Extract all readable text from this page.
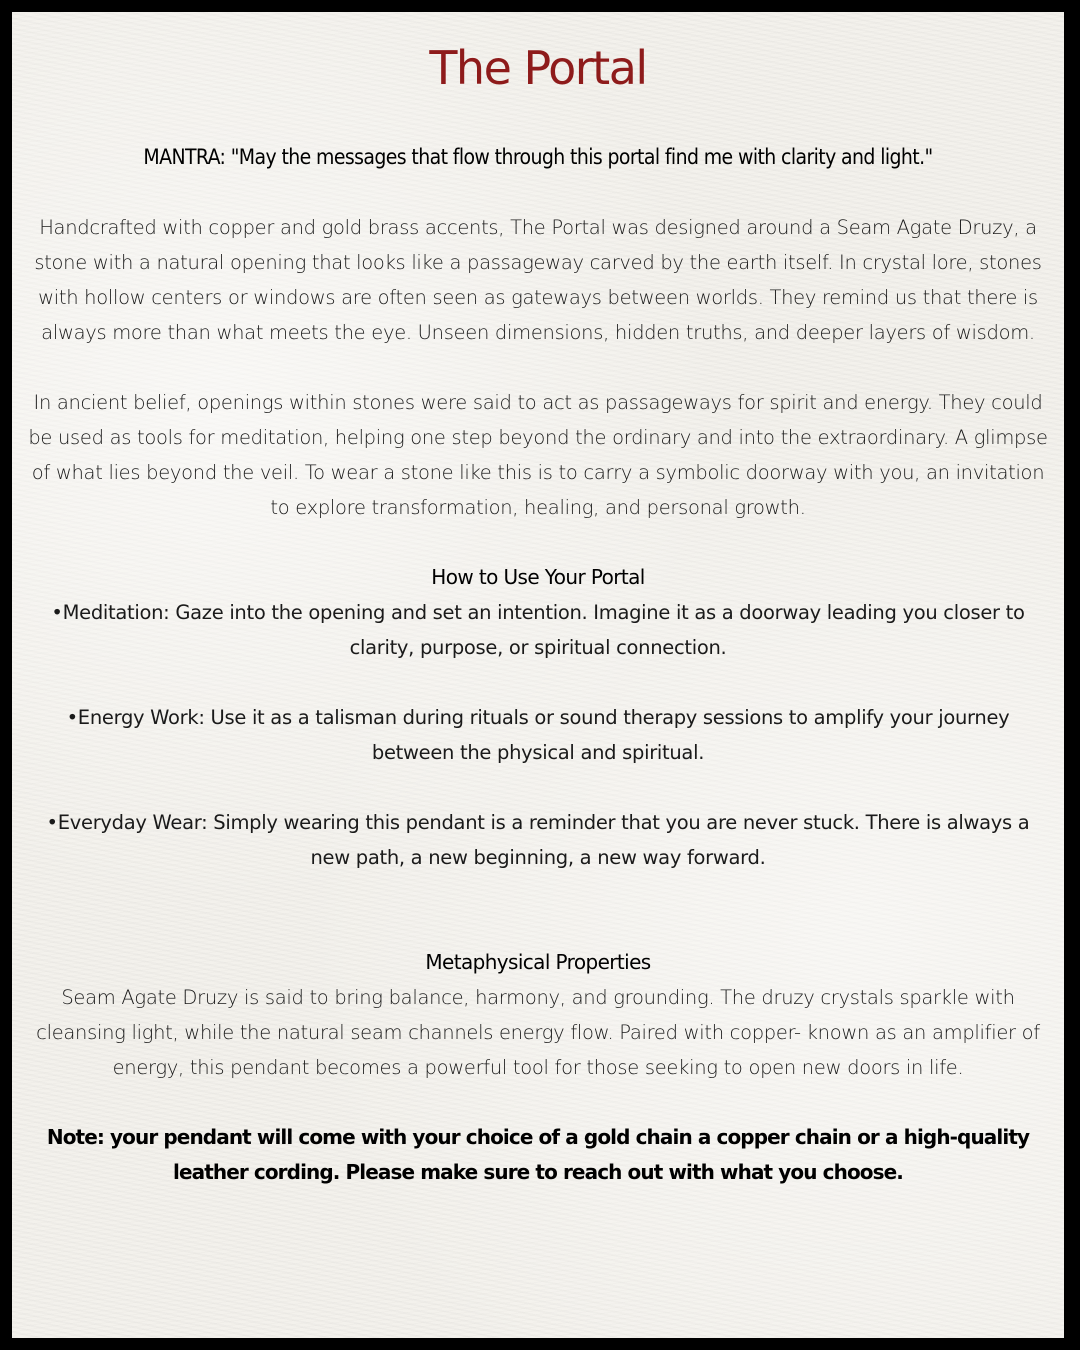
The Portal

MANTRA: "May the messages that flow through this portal find me with clarity and light."

Handcrafted with copper and gold brass accents, The Portal was designed around a Seam Agate Druzy, a stone with a natural opening that looks like a passageway carved by the earth itself. In crystal lore, stones with hollow centers or windows are often seen as gateways between worlds. They remind us that there is always more than what meets the eye. Unseen dimensions, hidden truths, and deeper layers of wisdom.

In ancient belief, openings within stones were said to act as passageways for spirit and energy. They could be used as tools for meditation, helping one step beyond the ordinary and into the extraordinary. A glimpse of what lies beyond the veil. To wear a stone like this is to carry a symbolic doorway with you, an invitation to explore transformation, healing, and personal growth.

How to Use Your Portal

•Meditation: Gaze into the opening and set an intention. Imagine it as a doorway leading you closer to clarity, purpose, or spiritual connection.

•Energy Work: Use it as a talisman during rituals or sound therapy sessions to amplify your journey between the physical and spiritual.

•Everyday Wear: Simply wearing this pendant is a reminder that you are never stuck. There is always a new path, a new beginning, a new way forward.

Metaphysical Properties

Seam Agate Druzy is said to bring balance, harmony, and grounding. The druzy crystals sparkle with cleansing light, while the natural seam channels energy flow. Paired with copper- known as an amplifier of energy, this pendant becomes a powerful tool for those seeking to open new doors in life.

Note: your pendant will come with your choice of a gold chain a copper chain or a high-quality leather cording. Please make sure to reach out with what you choose.
